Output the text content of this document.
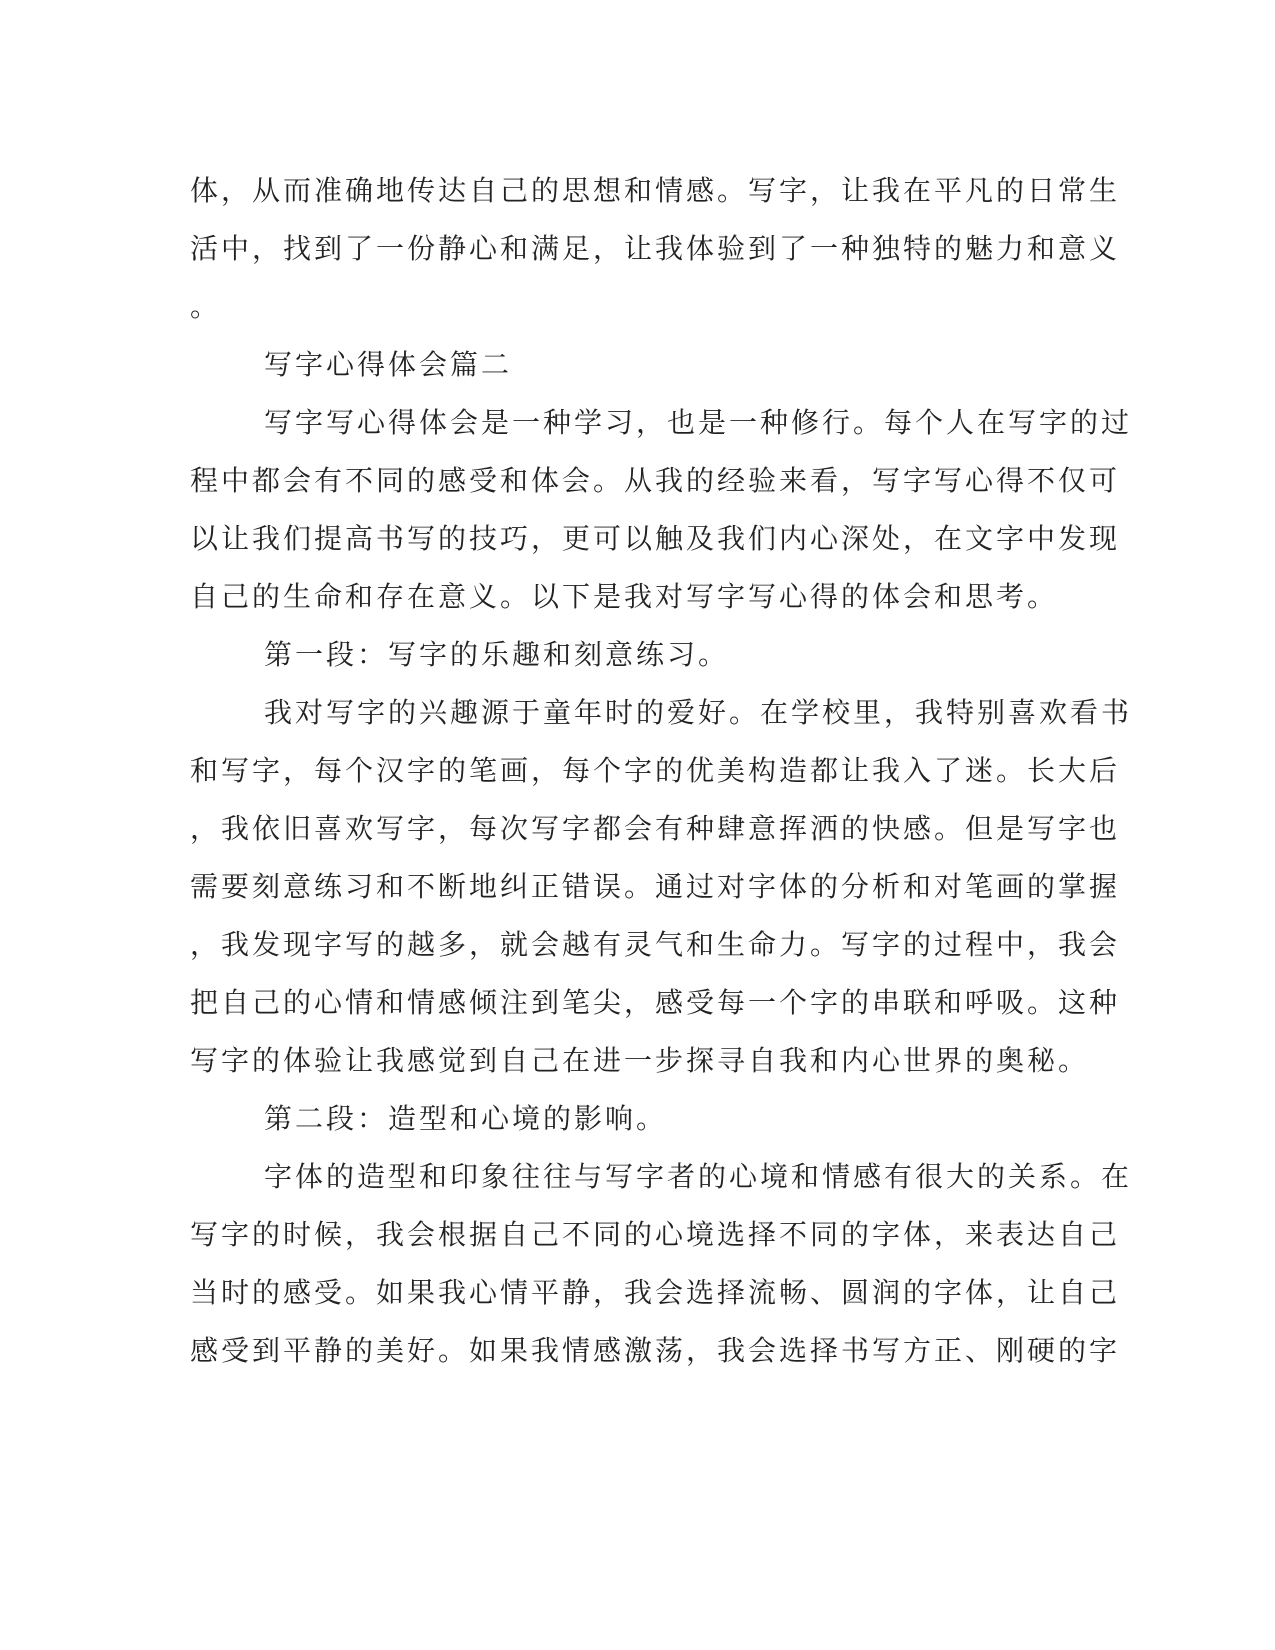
体，从而准确地传达自己的思想和情感。写字，让我在平凡的日常生
活中，找到了一份静心和满足，让我体验到了一种独特的魅力和意义
。
写字心得体会篇二
写字写心得体会是一种学习，也是一种修行。每个人在写字的过
程中都会有不同的感受和体会。从我的经验来看，写字写心得不仅可
以让我们提高书写的技巧，更可以触及我们内心深处，在文字中发现
自己的生命和存在意义。以下是我对写字写心得的体会和思考。
第一段：写字的乐趣和刻意练习。
我对写字的兴趣源于童年时的爱好。在学校里，我特别喜欢看书
和写字，每个汉字的笔画，每个字的优美构造都让我入了迷。长大后
，我依旧喜欢写字，每次写字都会有种肆意挥洒的快感。但是写字也
需要刻意练习和不断地纠正错误。通过对字体的分析和对笔画的掌握
，我发现字写的越多，就会越有灵气和生命力。写字的过程中，我会
把自己的心情和情感倾注到笔尖，感受每一个字的串联和呼吸。这种
写字的体验让我感觉到自己在进一步探寻自我和内心世界的奥秘。
第二段：造型和心境的影响。
字体的造型和印象往往与写字者的心境和情感有很大的关系。在
写字的时候，我会根据自己不同的心境选择不同的字体，来表达自己
当时的感受。如果我心情平静，我会选择流畅、圆润的字体，让自己
感受到平静的美好。如果我情感激荡，我会选择书写方正、刚硬的字
